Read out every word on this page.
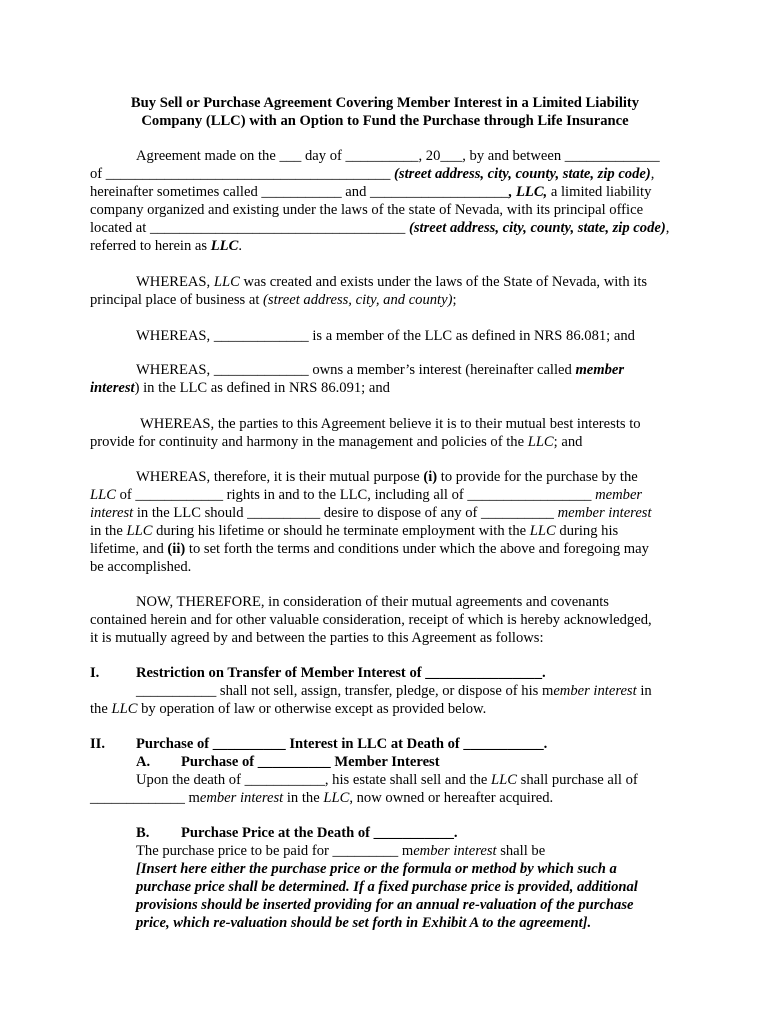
Buy Sell or Purchase Agreement Covering Member Interest in a Limited Liability
Company (LLC) with an Option to Fund the Purchase through Life Insurance
Agreement made on the ___ day of __________, 20___, by and between _____________
of _______________________________________ (street address, city, county, state, zip code),
hereinafter sometimes called ___________ and ___________________, LLC, a limited liability
company organized and existing under the laws of the state of Nevada, with its principal office
located at ___________________________________ (street address, city, county, state, zip code),
referred to herein as LLC.
WHEREAS, LLC was created and exists under the laws of the State of Nevada, with its
principal place of business at (street address, city, and county);
WHEREAS, _____________ is a member of the LLC as defined in NRS 86.081; and
WHEREAS, _____________ owns a member’s interest (hereinafter called member
interest) in the LLC as defined in NRS 86.091; and
WHEREAS, the parties to this Agreement believe it is to their mutual best interests to
provide for continuity and harmony in the management and policies of the LLC; and
WHEREAS, therefore, it is their mutual purpose (i) to provide for the purchase by the
LLC of ____________ rights in and to the LLC, including all of _________________ member
interest in the LLC should __________ desire to dispose of any of __________ member interest
in the LLC during his lifetime or should he terminate employment with the LLC during his
lifetime, and (ii) to set forth the terms and conditions under which the above and foregoing may
be accomplished.
NOW, THEREFORE, in consideration of their mutual agreements and covenants
contained herein and for other valuable consideration, receipt of which is hereby acknowledged,
it is mutually agreed by and between the parties to this Agreement as follows:
I.	Restriction on Transfer of Member Interest of ________________.
___________ shall not sell, assign, transfer, pledge, or dispose of his member interest in
the LLC by operation of law or otherwise except as provided below.
II. Purchase of __________ Interest in LLC at Death of ___________.
A. Purchase of __________ Member Interest
Upon the death of ___________, his estate shall sell and the LLC shall purchase all of
_____________ member interest in the LLC, now owned or hereafter acquired.
B. Purchase Price at the Death of ___________.
The purchase price to be paid for _________ member interest shall be
[Insert here either the purchase price or the formula or method by which such a
purchase price shall be determined. If a fixed purchase price is provided, additional
provisions should be inserted providing for an annual re-valuation of the purchase
price, which re-valuation should be set forth in Exhibit A to the agreement].
